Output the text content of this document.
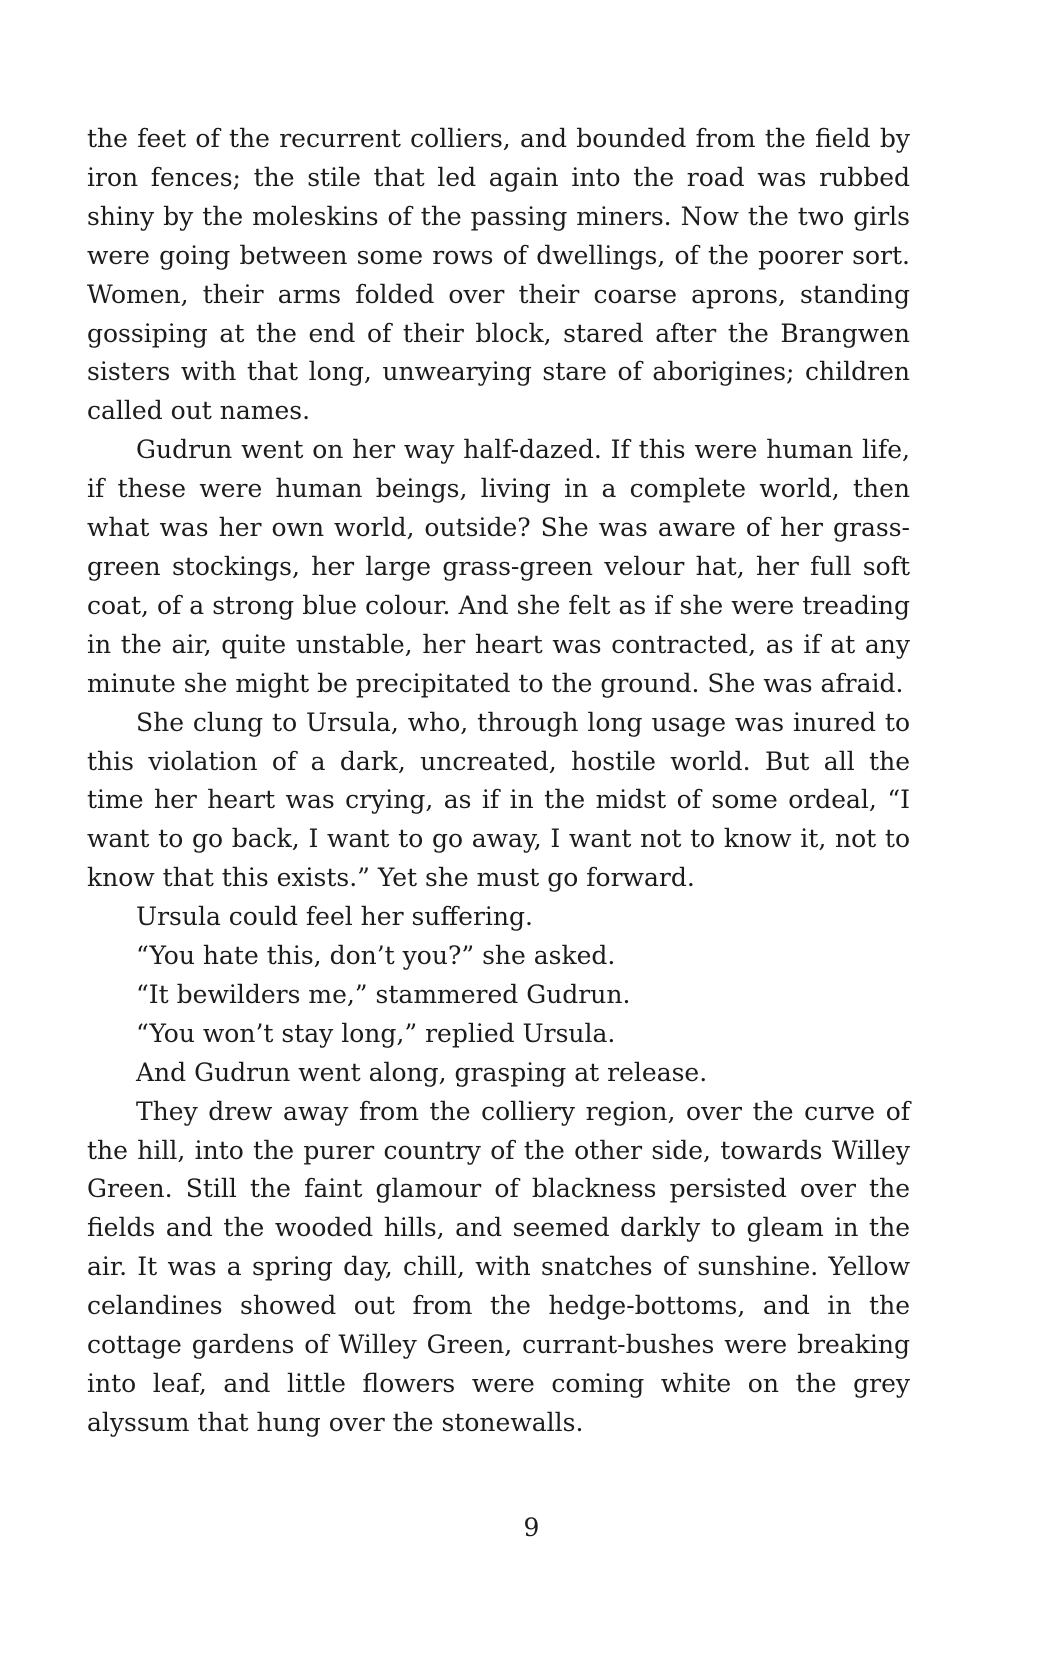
the feet of the recurrent colliers, and bounded from the field by iron fences; the stile that led again into the road was rubbed shiny by the moleskins of the passing miners. Now the two girls were going between some rows of dwellings, of the poorer sort. Women, their arms folded over their coarse aprons, standing gossiping at the end of their block, stared after the Brangwen sisters with that long, unwearying stare of aborigines; children called out names.

Gudrun went on her way half-dazed. If this were human life, if these were human beings, living in a complete world, then what was her own world, outside? She was aware of her grass-green stockings, her large grass-green velour hat, her full soft coat, of a strong blue colour. And she felt as if she were treading in the air, quite unstable, her heart was contracted, as if at any minute she might be precipitated to the ground. She was afraid.

She clung to Ursula, who, through long usage was inured to this violation of a dark, uncreated, hostile world. But all the time her heart was crying, as if in the midst of some ordeal, “I want to go back, I want to go away, I want not to know it, not to know that this exists.” Yet she must go forward.

Ursula could feel her suffering.

“You hate this, don’t you?” she asked.

“It bewilders me,” stammered Gudrun.

“You won’t stay long,” replied Ursula.

And Gudrun went along, grasping at release.

They drew away from the colliery region, over the curve of the hill, into the purer country of the other side, towards Willey Green. Still the faint glamour of blackness persisted over the fields and the wooded hills, and seemed darkly to gleam in the air. It was a spring day, chill, with snatches of sunshine. Yellow celandines showed out from the hedge-bottoms, and in the cottage gardens of Willey Green, currant-bushes were breaking into leaf, and little flowers were coming white on the grey alyssum that hung over the stonewalls.

9
